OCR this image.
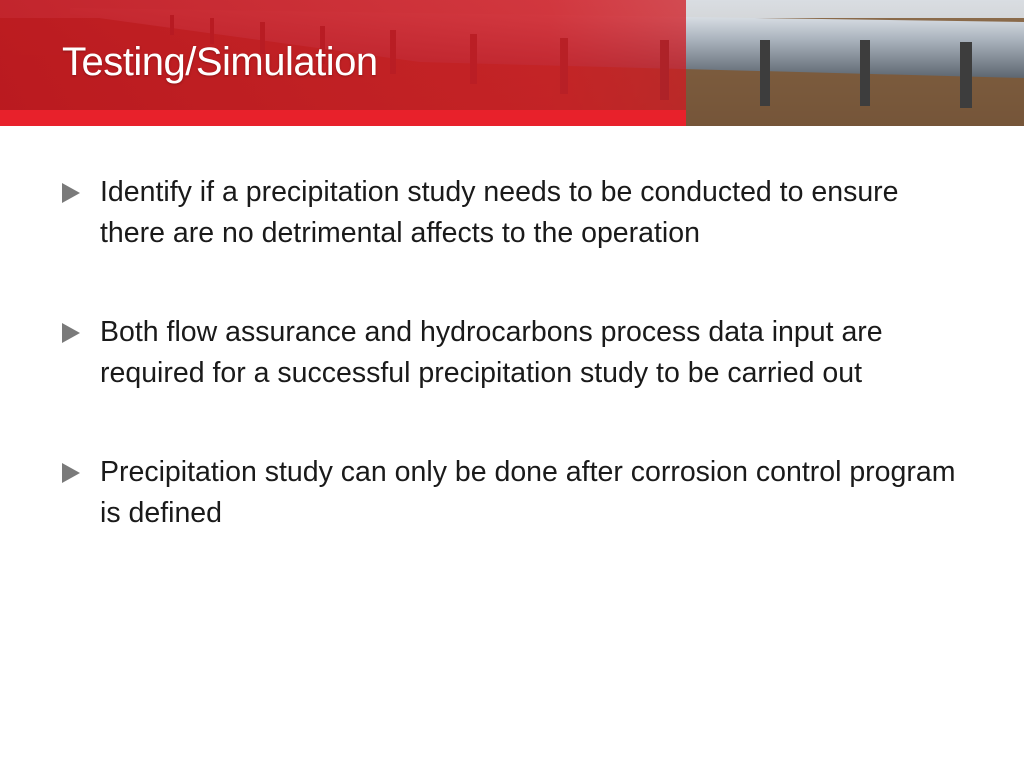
Testing/Simulation
Identify if a precipitation study needs to be conducted to ensure there are no detrimental affects to the operation
Both flow assurance and hydrocarbons process data input are required for a successful precipitation study to be carried out
Precipitation study can only be done after corrosion control program is defined
